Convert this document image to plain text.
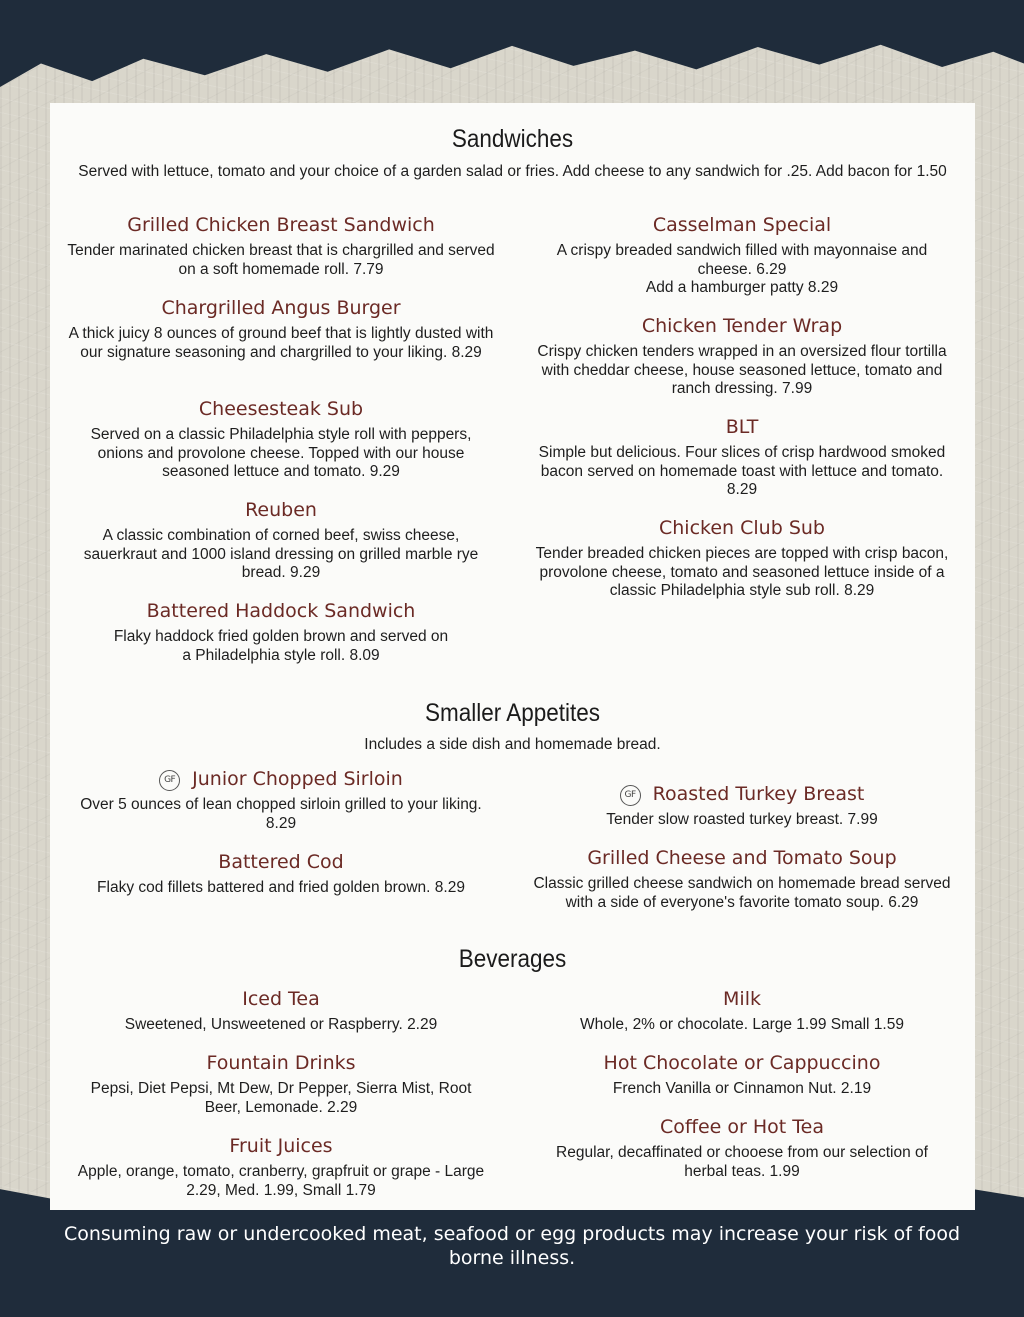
Sandwiches
Served with lettuce, tomato and your choice of a garden salad or fries. Add cheese to any sandwich for .25. Add bacon for 1.50
Grilled Chicken Breast Sandwich
Tender marinated chicken breast that is chargrilled and served on a soft homemade roll. 7.79
Chargrilled Angus Burger
A thick juicy 8 ounces of ground beef that is lightly dusted with our signature seasoning and chargrilled to your liking. 8.29
Cheesesteak Sub
Served on a classic Philadelphia style roll with peppers, onions and provolone cheese. Topped with our house seasoned lettuce and tomato. 9.29
Reuben
A classic combination of corned beef, swiss cheese, sauerkraut and 1000 island dressing on grilled marble rye bread. 9.29
Battered Haddock Sandwich
Flaky haddock fried golden brown and served on a Philadelphia style roll. 8.09
Casselman Special
A crispy breaded sandwich filled with mayonnaise and cheese. 6.29
Add a hamburger patty 8.29
Chicken Tender Wrap
Crispy chicken tenders wrapped in an oversized flour tortilla with cheddar cheese, house seasoned lettuce, tomato and ranch dressing. 7.99
BLT
Simple but delicious. Four slices of crisp hardwood smoked bacon served on homemade toast with lettuce and tomato. 8.29
Chicken Club Sub
Tender breaded chicken pieces are topped with crisp bacon, provolone cheese, tomato and seasoned lettuce inside of a classic Philadelphia style sub roll. 8.29
Smaller Appetites
Includes a side dish and homemade bread.
GF Junior Chopped Sirloin
Over 5 ounces of lean chopped sirloin grilled to your liking. 8.29
Battered Cod
Flaky cod fillets battered and fried golden brown. 8.29
GF Roasted Turkey Breast
Tender slow roasted turkey breast. 7.99
Grilled Cheese and Tomato Soup
Classic grilled cheese sandwich on homemade bread served with a side of everyone's favorite tomato soup. 6.29
Beverages
Iced Tea
Sweetened, Unsweetened or Raspberry. 2.29
Fountain Drinks
Pepsi, Diet Pepsi, Mt Dew, Dr Pepper, Sierra Mist, Root Beer, Lemonade. 2.29
Fruit Juices
Apple, orange, tomato, cranberry, grapfruit or grape - Large 2.29, Med. 1.99, Small 1.79
Milk
Whole, 2% or chocolate. Large 1.99 Small 1.59
Hot Chocolate or Cappuccino
French Vanilla or Cinnamon Nut. 2.19
Coffee or Hot Tea
Regular, decaffinated or chooese from our selection of herbal teas. 1.99
Consuming raw or undercooked meat, seafood or egg products may increase your risk of food borne illness.
